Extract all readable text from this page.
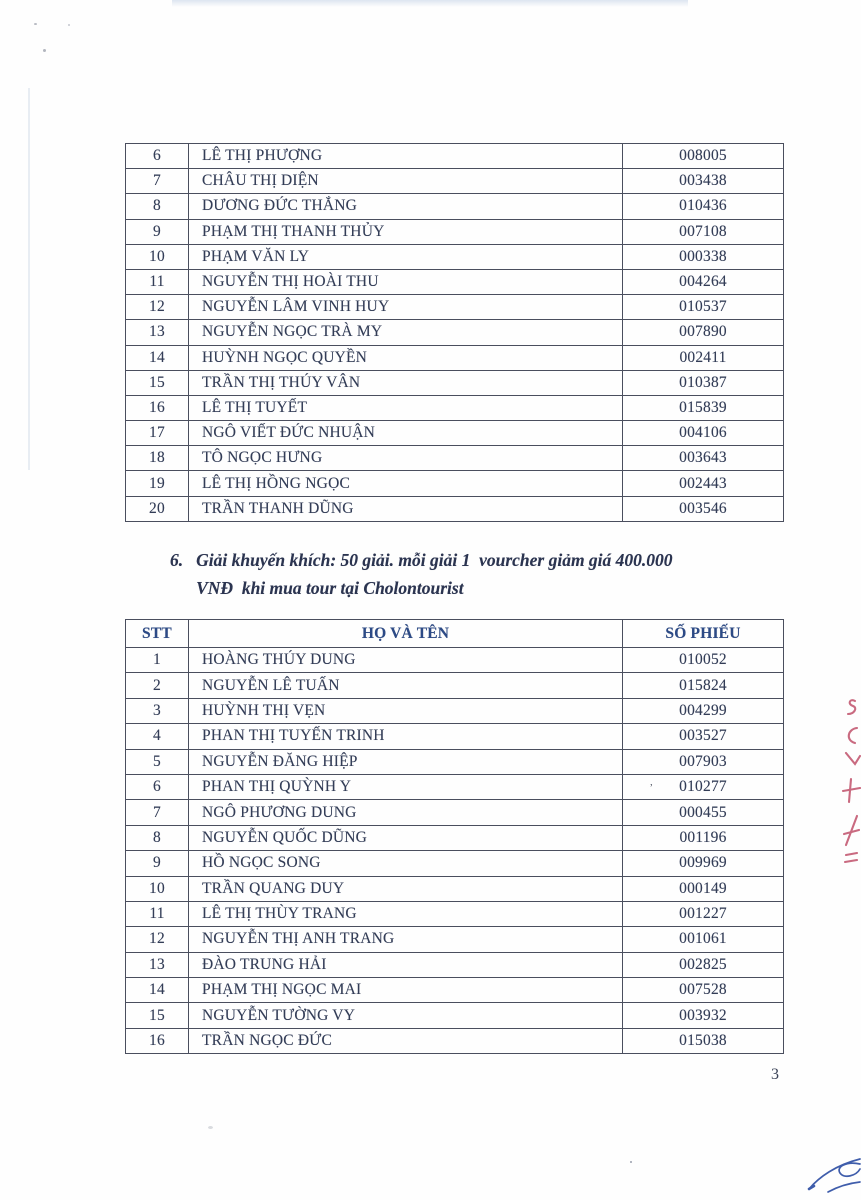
6	LÊ THỊ PHƯỢNG	008005
7	CHÂU THỊ DIỆN	003438
8	DƯƠNG ĐỨC THẮNG	010436
9	PHẠM THỊ THANH THỦY	007108
10	PHẠM VĂN LY	000338
11	NGUYỄN THỊ HOÀI THU	004264
12	NGUYỄN LÂM VINH HUY	010537
13	NGUYỄN NGỌC TRÀ MY	007890
14	HUỲNH NGỌC QUYỀN	002411
15	TRẦN THỊ THÚY VÂN	010387
16	LÊ THỊ TUYẾT	015839
17	NGÔ VIẾT ĐỨC NHUẬN	004106
18	TÔ NGỌC HƯNG	003643
19	LÊ THỊ HỒNG NGỌC	002443
20	TRẦN THANH DŨNG	003546
6. Giải khuyến khích: 50 giải. mỗi giải 1  vourcher giảm giá 400.000
VNĐ  khi mua tour tại Cholontourist
STT	HỌ VÀ TÊN	SỐ PHIẾU
1	HOÀNG THÚY DUNG	010052
2	NGUYỄN LÊ TUẤN	015824
3	HUỲNH THỊ VẸN	004299
4	PHAN THỊ TUYẾN TRINH	003527
5	NGUYỄN ĐĂNG HIỆP	007903
6	PHAN THỊ QUỲNH Y	010277
7	NGÔ PHƯƠNG DUNG	000455
8	NGUYỄN QUỐC DŨNG	001196
9	HỒ NGỌC SONG	009969
10	TRẦN QUANG DUY	000149
11	LÊ THỊ THÙY TRANG	001227
12	NGUYỄN THỊ ANH TRANG	001061
13	ĐÀO TRUNG HẢI	002825
14	PHẠM THỊ NGỌC MAI	007528
15	NGUYỄN TƯỜNG VY	003932
16	TRẦN NGỌC ĐỨC	015038
,
3
